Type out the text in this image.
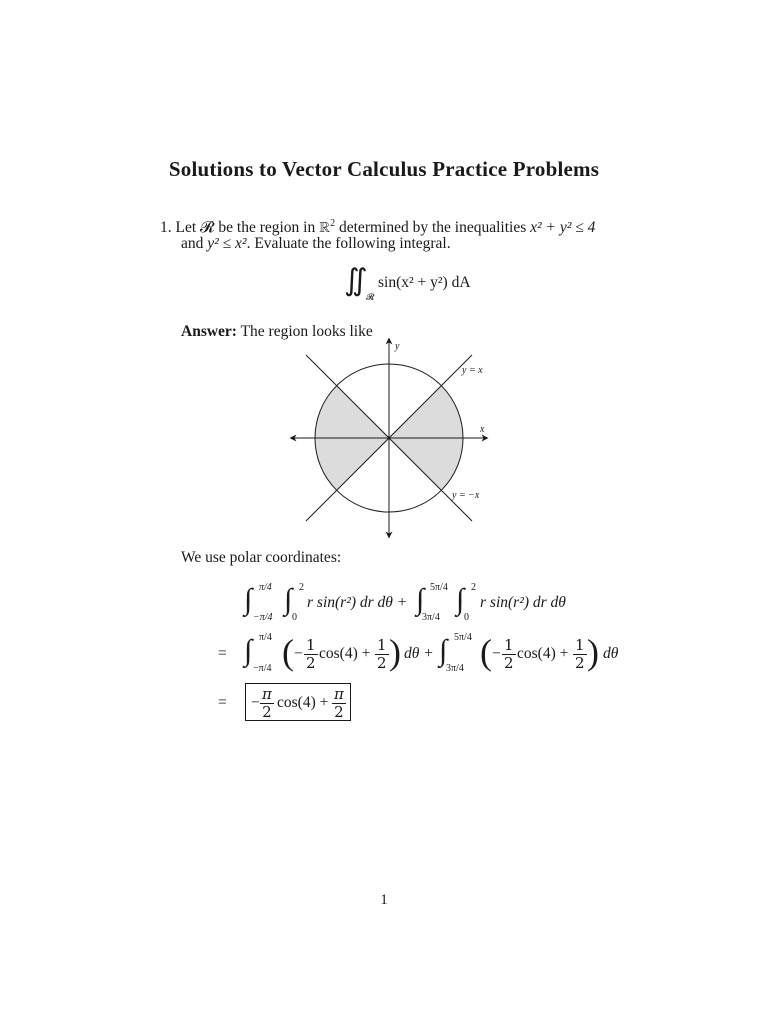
Solutions to Vector Calculus Practice Problems
1. Let 𝓡 be the region in ℝ$^2$ determined by the inequalities x² + y² ≤ 4
and y² ≤ x². Evaluate the following integral.
∬
𝓡
sin(x² + y²) dA
Answer: The region looks like
y
x
y = x
y = −x
We use polar coordinates:
∫ π/4
−π/4
∫ 2
0
r sin(r²) dr dθ + ∫ 5π/4
3π/4
∫ 2
0
r sin(r²) dr dθ
= ∫ π/4
−π/4 ( − $\frac{1}{2} \cos(4) + \frac{1}{2}$ ) dθ + ∫ 5π/4
3π/4 ( − $\frac{1}{2} \cos(4) + \frac{1}{2}$ ) dθ
= − $\frac{\pi}{2} \cos(4) + \frac{\pi}{2}$
1
